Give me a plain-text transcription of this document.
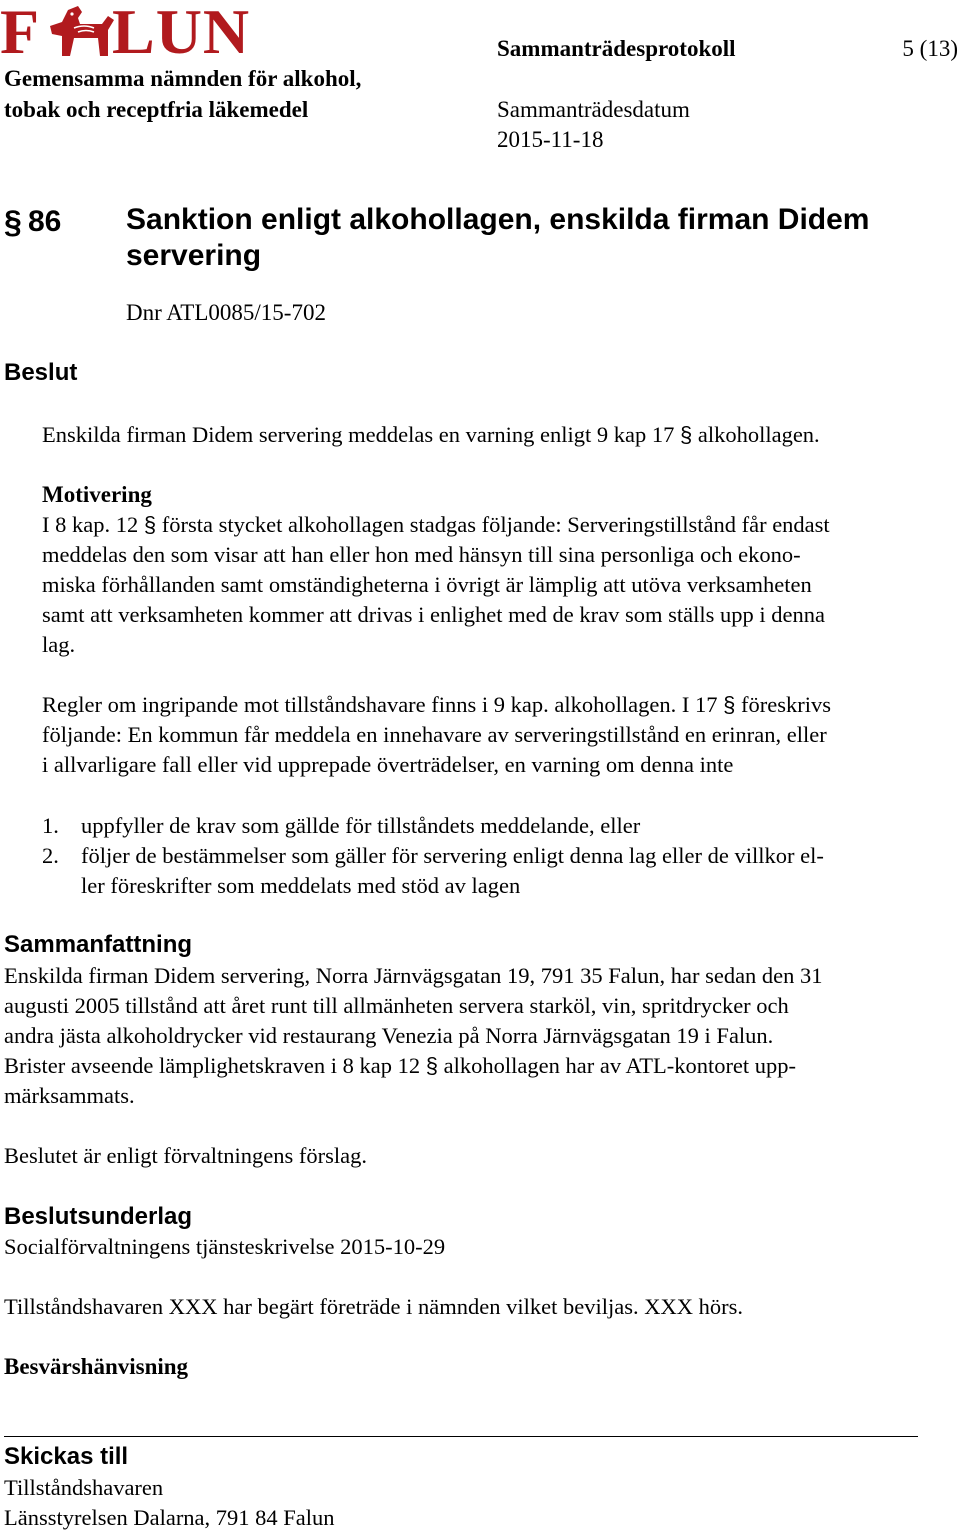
F LUN
Gemensamma nämnden för alkohol,
tobak och receptfria läkemedel
Sammanträdesprotokoll	5 (13)
Sammanträdesdatum
2015-11-18
§ 86 Sanktion enligt alkohollagen, enskilda firman Didem
servering
Dnr ATL0085/15-702
Beslut
Enskilda firman Didem servering meddelas en varning enligt 9 kap 17 § alkohollagen.
Motivering
I 8 kap. 12 § första stycket alkohollagen stadgas följande: Serveringstillstånd får endast
meddelas den som visar att han eller hon med hänsyn till sina personliga och ekono-
miska förhållanden samt omständigheterna i övrigt är lämplig att utöva verksamheten
samt att verksamheten kommer att drivas i enlighet med de krav som ställs upp i denna
lag.
Regler om ingripande mot tillståndshavare finns i 9 kap. alkohollagen. I 17 § föreskrivs
följande: En kommun får meddela en innehavare av serveringstillstånd en erinran, eller
i allvarligare fall eller vid upprepade överträdelser, en varning om denna inte
1. uppfyller de krav som gällde för tillståndets meddelande, eller
2. följer de bestämmelser som gäller för servering enligt denna lag eller de villkor el-
ler föreskrifter som meddelats med stöd av lagen
Sammanfattning
Enskilda firman Didem servering, Norra Järnvägsgatan 19, 791 35 Falun, har sedan den 31
augusti 2005 tillstånd att året runt till allmänheten servera starköl, vin, spritdrycker och
andra jästa alkoholdrycker vid restaurang Venezia på Norra Järnvägsgatan 19 i Falun.
Brister avseende lämplighetskraven i 8 kap 12 § alkohollagen har av ATL-kontoret upp-
märksammats.
Beslutet är enligt förvaltningens förslag.
Beslutsunderlag
Socialförvaltningens tjänsteskrivelse 2015-10-29
Tillståndshavaren XXX har begärt företräde i nämnden vilket beviljas. XXX hörs.
Besvärshänvisning
Skickas till
Tillståndshavaren
Länsstyrelsen Dalarna, 791 84 Falun
